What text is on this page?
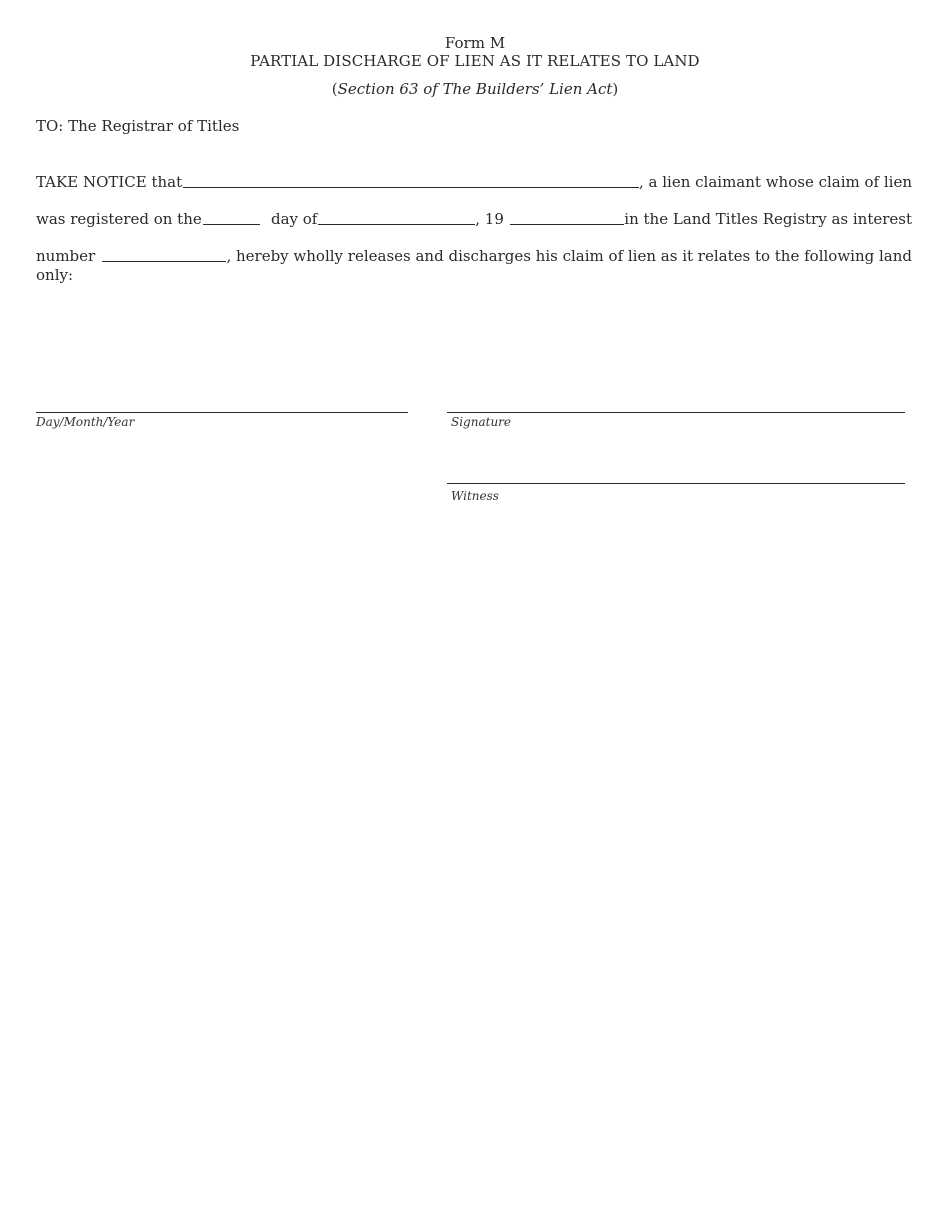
Form M
PARTIAL DISCHARGE OF LIEN AS IT RELATES TO LAND
(Section 63 of The Builders’ Lien Act)
TO: The Registrar of Titles
TAKE NOTICE that	, a lien claimant whose claim of lien
was registered on the	day of	, 19	in the Land Titles Registry as interest
number	, hereby wholly releases and discharges his claim of lien as it relates to the following land
only:
Day/Month/Year	Signature
Witness
